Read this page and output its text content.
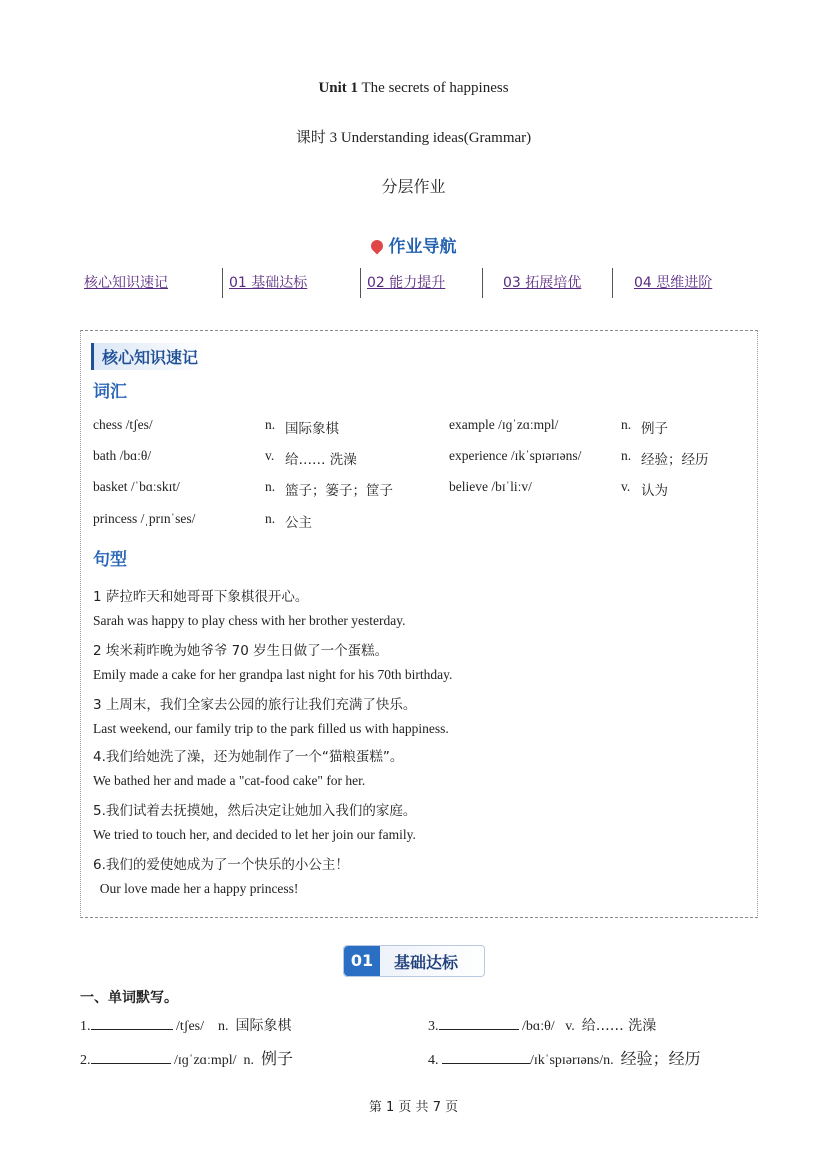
Unit 1 The secrets of happiness
课时 3 Understanding ideas(Grammar)
分层作业
作业导航
核心知识速记	01 基础达标	02 能力提升	03 拓展培优	04 思维进阶
核心知识速记
词汇
chess /tʃes/	n. 国际象棋	example /ɪɡˈzɑːmpl/	n. 例子
bath /bɑːθ/	v. 给…… 洗澡	experience /ɪkˈspɪərɪəns/	n. 经验；经历
basket /ˈbɑːskɪt/	n. 篮子；篓子；筐子	believe /bɪˈliːv/	v. 认为
princess /ˌprɪnˈses/	n. 公主
句型
1 萨拉昨天和她哥哥下象棋很开心。
Sarah was happy to play chess with her brother yesterday.
2 埃米莉昨晚为她爷爷 70 岁生日做了一个蛋糕。
Emily made a cake for her grandpa last night for his 70th birthday.
3 上周末，我们全家去公园的旅行让我们充满了快乐。
Last weekend, our family trip to the park filled us with happiness.
4.我们给她洗了澡，还为她制作了一个“猫粮蛋糕”。
We bathed her and made a "cat-food cake" for her.
5.我们试着去抚摸她，然后决定让她加入我们的家庭。
We tried to touch her, and decided to let her join our family.
6.我们的爱使她成为了一个快乐的小公主！
Our love made her a happy princess!
01	基础达标
一、单词默写。
1.	/tʃes/ n. 国际象棋	3.	/bɑːθ/ v. 给…… 洗澡
2.	/ɪɡˈzɑːmpl/ n. 例子	4.	/ɪkˈspɪərɪəns/n. 经验；经历
第 1 页 共 7 页
